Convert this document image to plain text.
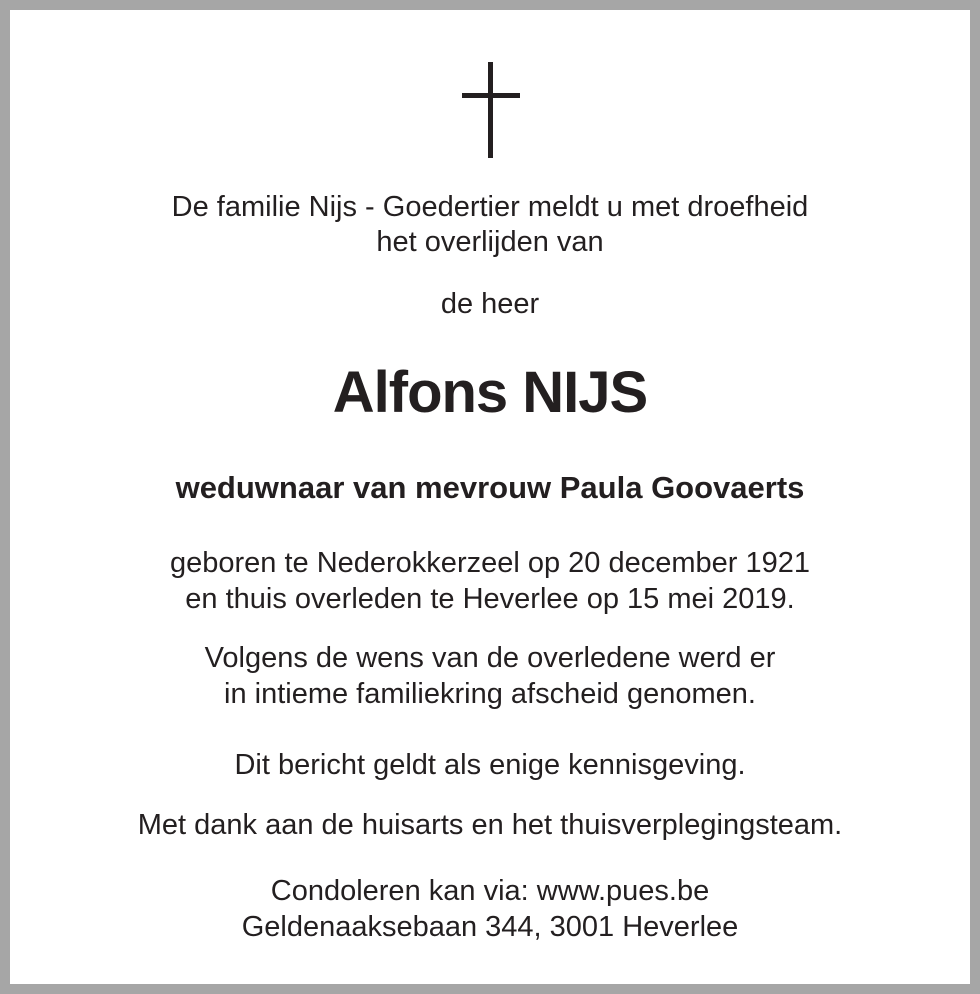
De familie Nijs - Goedertier meldt u met droefheid
het overlijden van
de heer
Alfons NIJS
weduwnaar van mevrouw Paula Goovaerts
geboren te Nederokkerzeel op 20 december 1921
en thuis overleden te Heverlee op 15 mei 2019.
Volgens de wens van de overledene werd er
in intieme familiekring afscheid genomen.
Dit bericht geldt als enige kennisgeving.
Met dank aan de huisarts en het thuisverplegingsteam.
Condoleren kan via: www.pues.be
Geldenaaksebaan 344, 3001 Heverlee
